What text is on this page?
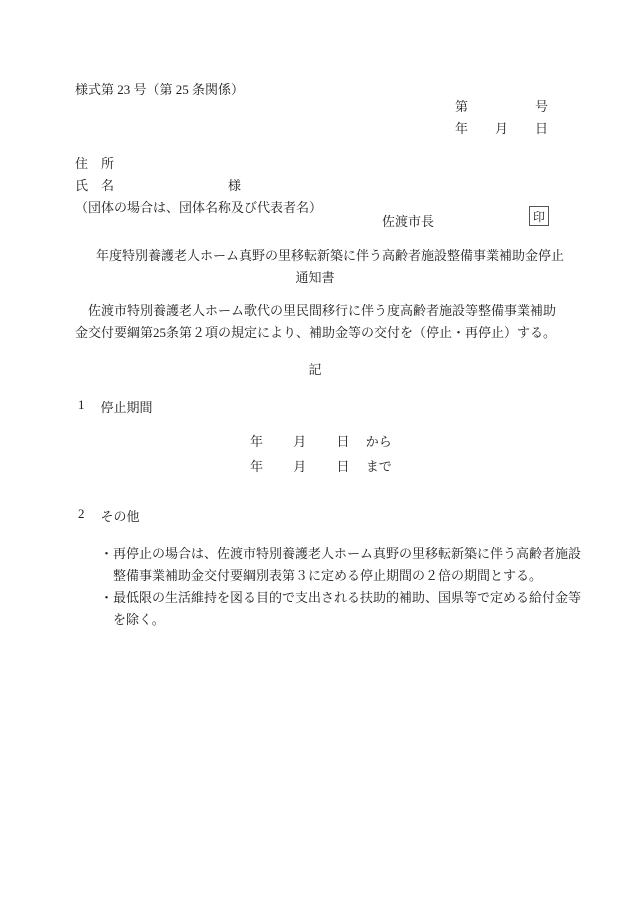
様式第 23 号（第 25 条関係）
第	号
年 月 日
住 所
氏 名	様
（団体の場合は、団体名称及び代表者名）
佐渡市長	印
年度特別養護老人ホーム真野の里移転新築に伴う高齢者施設整備事業補助金停止
通知書
佐渡市特別養護老人ホーム歌代の里民間移行に伴う度高齢者施設等整備事業補助
金交付要綱第25条第２項の規定により、補助金等の交付を（停止・再停止）する。
記
1 停止期間
年 月 日 から
年 月 日 まで
2 その他
・ 再停止の場合は、佐渡市特別養護老人ホーム真野の里移転新築に伴う高齢者施設
整備事業補助金交付要綱別表第３に定める停止期間の２倍の期間とする。
・ 最低限の生活維持を図る目的で支出される扶助的補助、国県等で定める給付金等
を除く。
